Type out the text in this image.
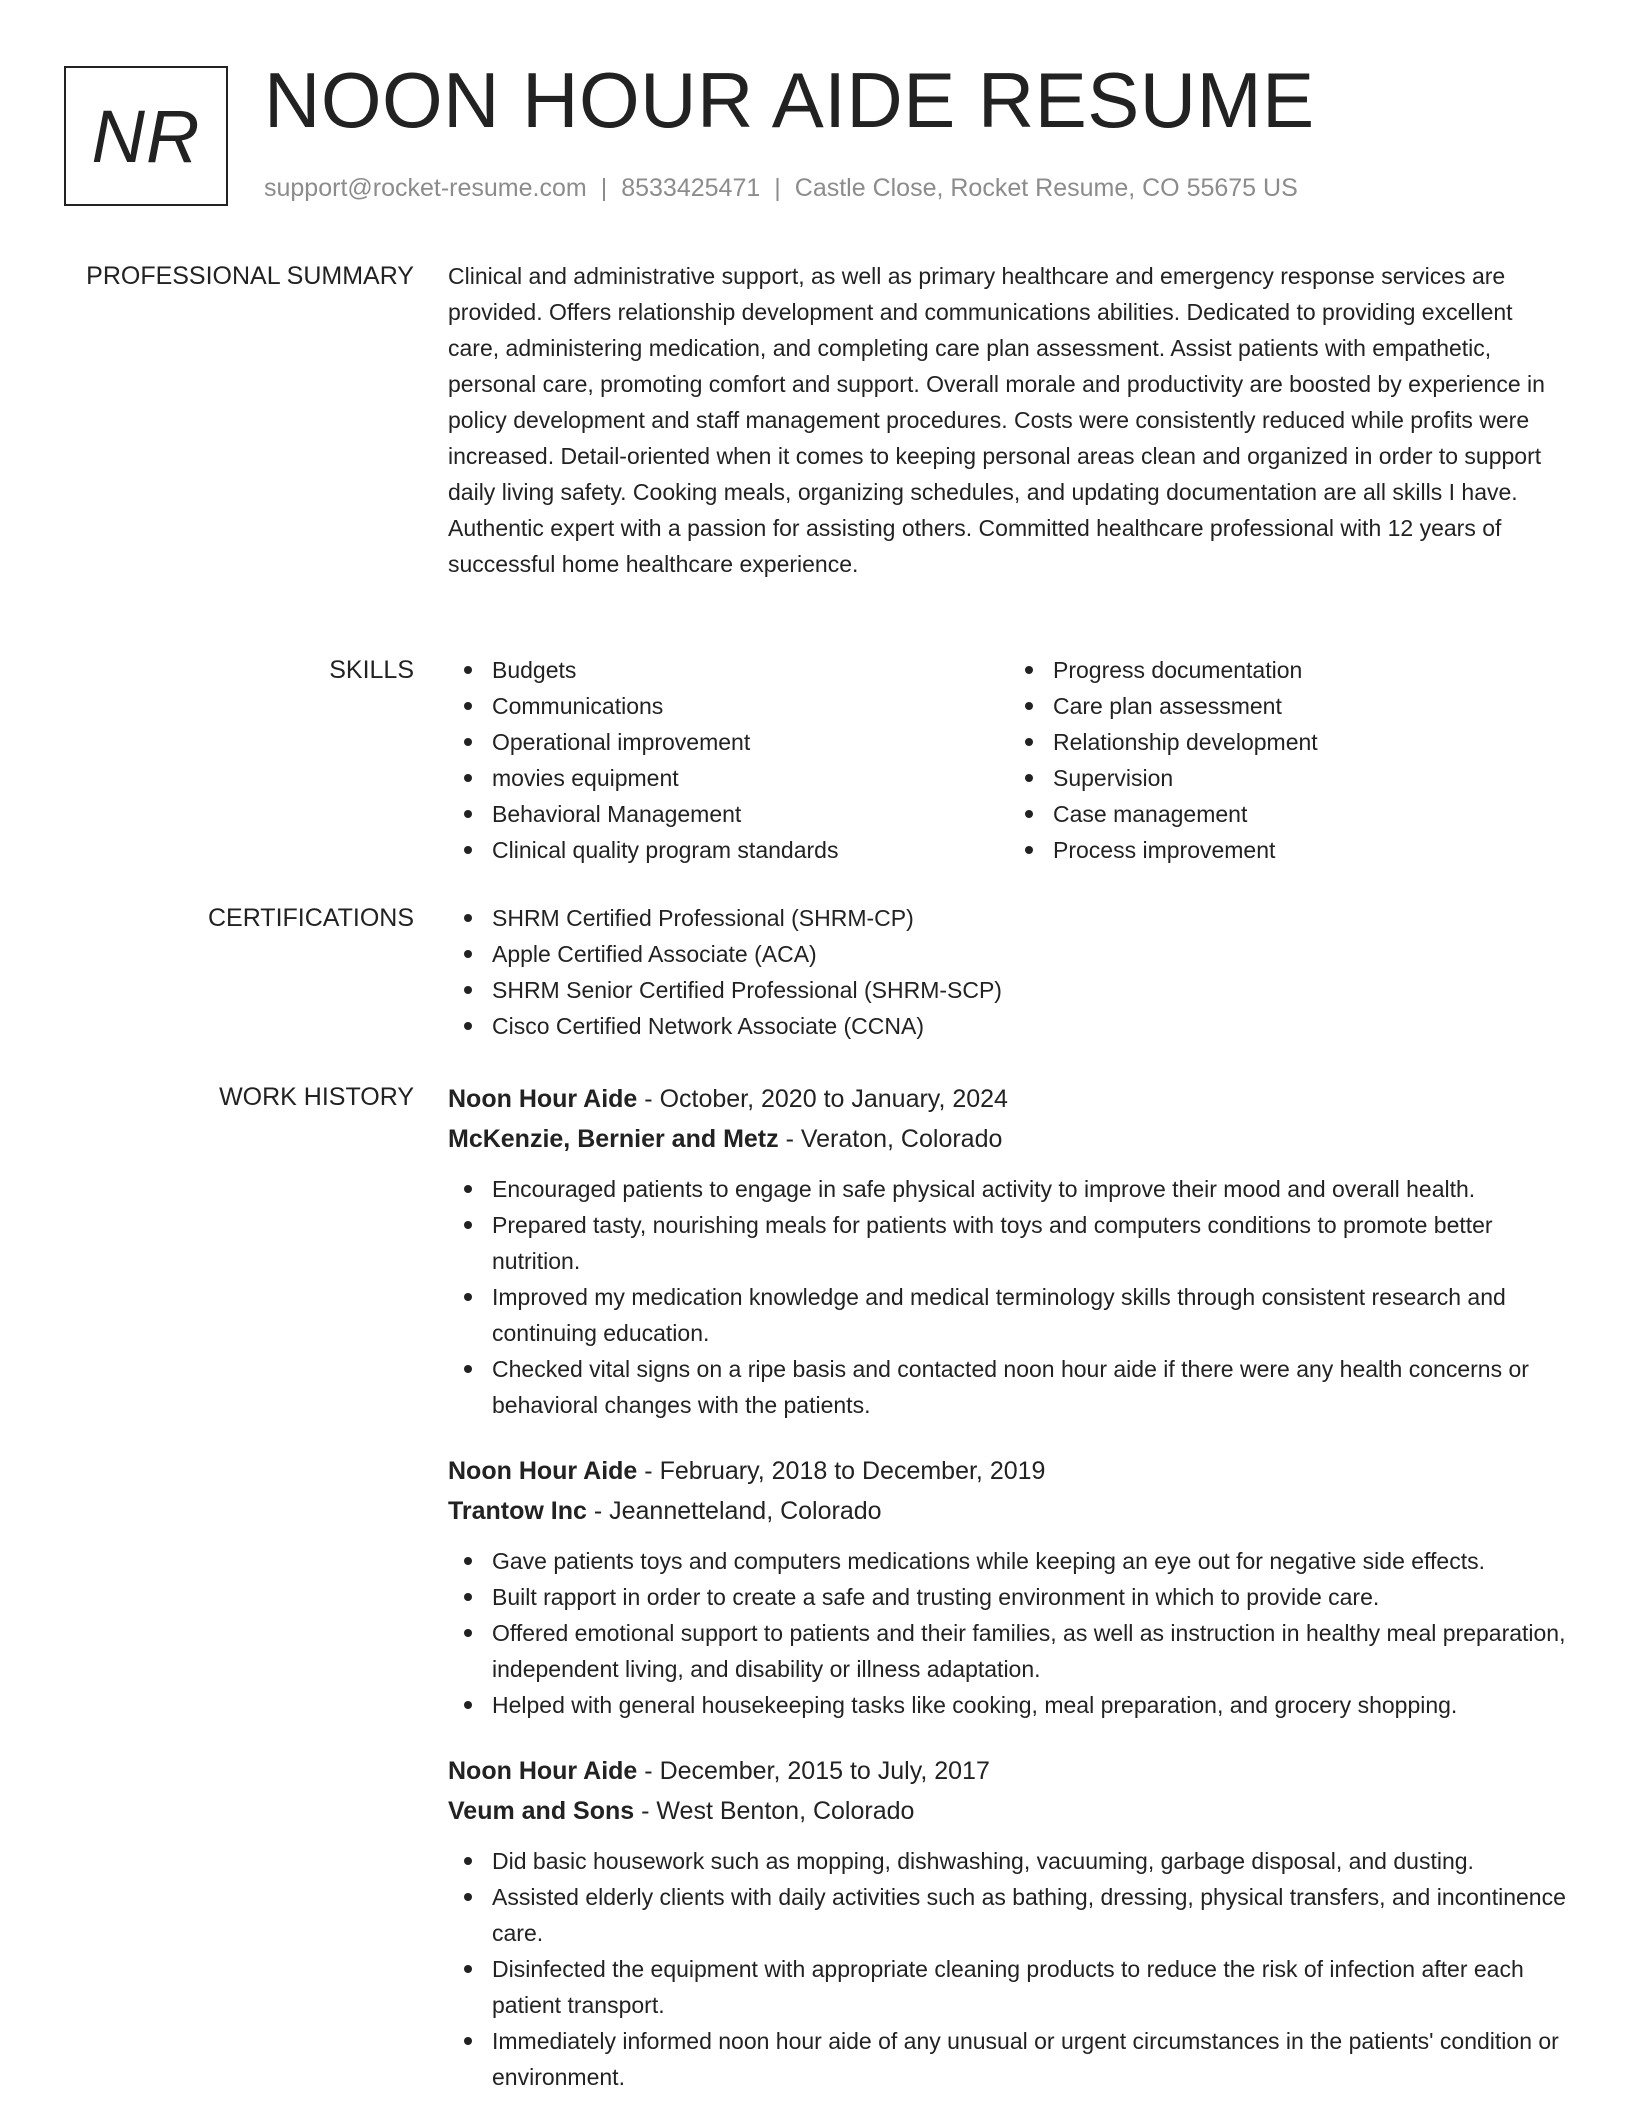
NR NOON HOUR AIDE RESUME
support@rocket-resume.com | 8533425471 | Castle Close, Rocket Resume, CO 55675 US
PROFESSIONAL SUMMARY Clinical and administrative support, as well as primary healthcare and emergency response services are provided. Offers relationship development and communications abilities. Dedicated to providing excellent care, administering medication, and completing care plan assessment. Assist patients with empathetic, personal care, promoting comfort and support. Overall morale and productivity are boosted by experience in policy development and staff management procedures. Costs were consistently reduced while profits were increased. Detail-oriented when it comes to keeping personal areas clean and organized in order to support daily living safety. Cooking meals, organizing schedules, and updating documentation are all skills I have. Authentic expert with a passion for assisting others. Committed healthcare professional with 12 years of successful home healthcare experience.

SKILLS	Budgets
Communications
Operational improvement
movies equipment
Behavioral Management
Clinical quality program standards
Progress documentation
Care plan assessment
Relationship development
Supervision
Case management
Process improvement
CERTIFICATIONS	SHRM Certified Professional (SHRM-CP)
Apple Certified Associate (ACA)
SHRM Senior Certified Professional (SHRM-SCP)
Cisco Certified Network Associate (CCNA)
WORK HISTORY Noon Hour Aide - October, 2020 to January, 2024
McKenzie, Bernier and Metz - Veraton, Colorado
Encouraged patients to engage in safe physical activity to improve their mood and overall health.
Prepared tasty, nourishing meals for patients with toys and computers conditions to promote better nutrition.
Improved my medication knowledge and medical terminology skills through consistent research and continuing education.
Checked vital signs on a ripe basis and contacted noon hour aide if there were any health concerns or behavioral changes with the patients.
Noon Hour Aide - February, 2018 to December, 2019
Trantow Inc - Jeannetteland, Colorado
Gave patients toys and computers medications while keeping an eye out for negative side effects.
Built rapport in order to create a safe and trusting environment in which to provide care.
Offered emotional support to patients and their families, as well as instruction in healthy meal preparation, independent living, and disability or illness adaptation.
Helped with general housekeeping tasks like cooking, meal preparation, and grocery shopping.
Noon Hour Aide - December, 2015 to July, 2017
Veum and Sons - West Benton, Colorado
Did basic housework such as mopping, dishwashing, vacuuming, garbage disposal, and dusting.
Assisted elderly clients with daily activities such as bathing, dressing, physical transfers, and incontinence care.
Disinfected the equipment with appropriate cleaning products to reduce the risk of infection after each patient transport.
Immediately informed noon hour aide of any unusual or urgent circumstances in the patients' condition or environment.
